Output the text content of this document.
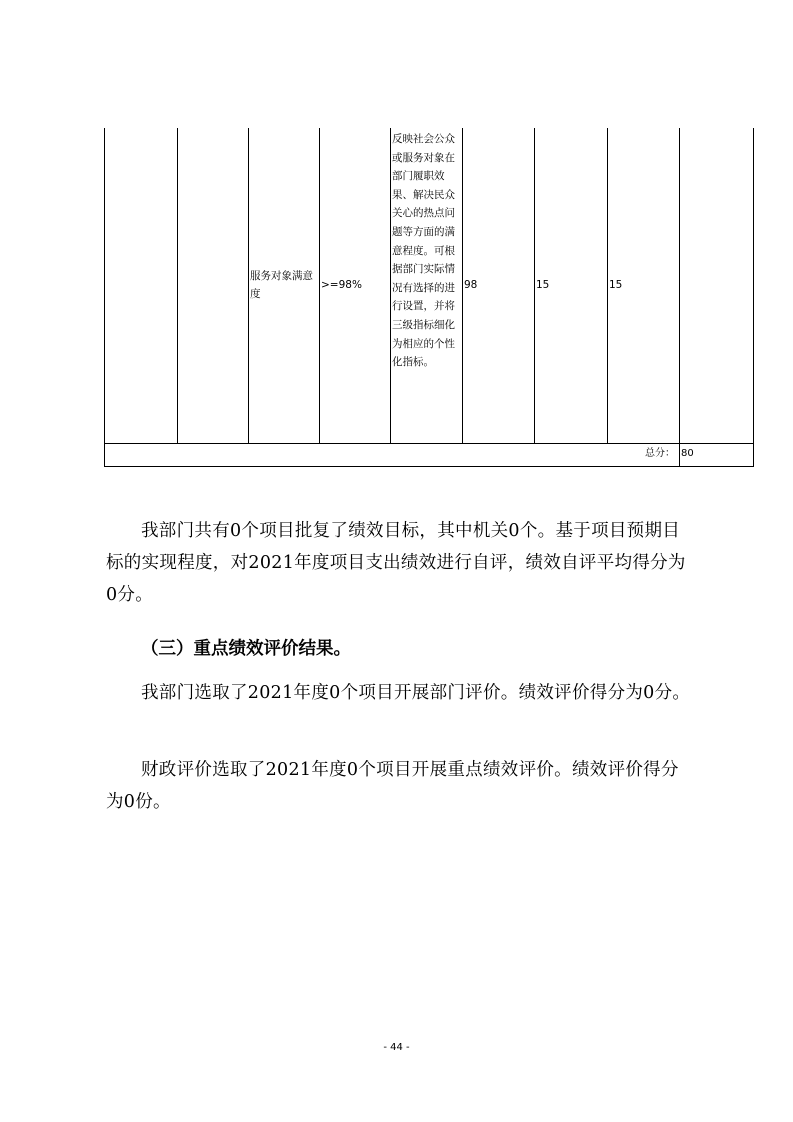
		服务对象满意度	>=98%	反映社会公众或服务对象在部门履职效果、解决民众关心的热点问题等方面的满意程度。可根据部门实际情况有选择的进行设置，并将三级指标细化为相应的个性化指标。	98	15	15	
总分：								80

我部门共有0个项目批复了绩效目标，其中机关0个。基于项目预期目标的实现程度，对2021年度项目支出绩效进行自评，绩效自评平均得分为0分。

（三）重点绩效评价结果。

我部门选取了2021年度0个项目开展部门评价。绩效评价得分为0分。

财政评价选取了2021年度0个项目开展重点绩效评价。绩效评价得分为0份。

- 44 -
